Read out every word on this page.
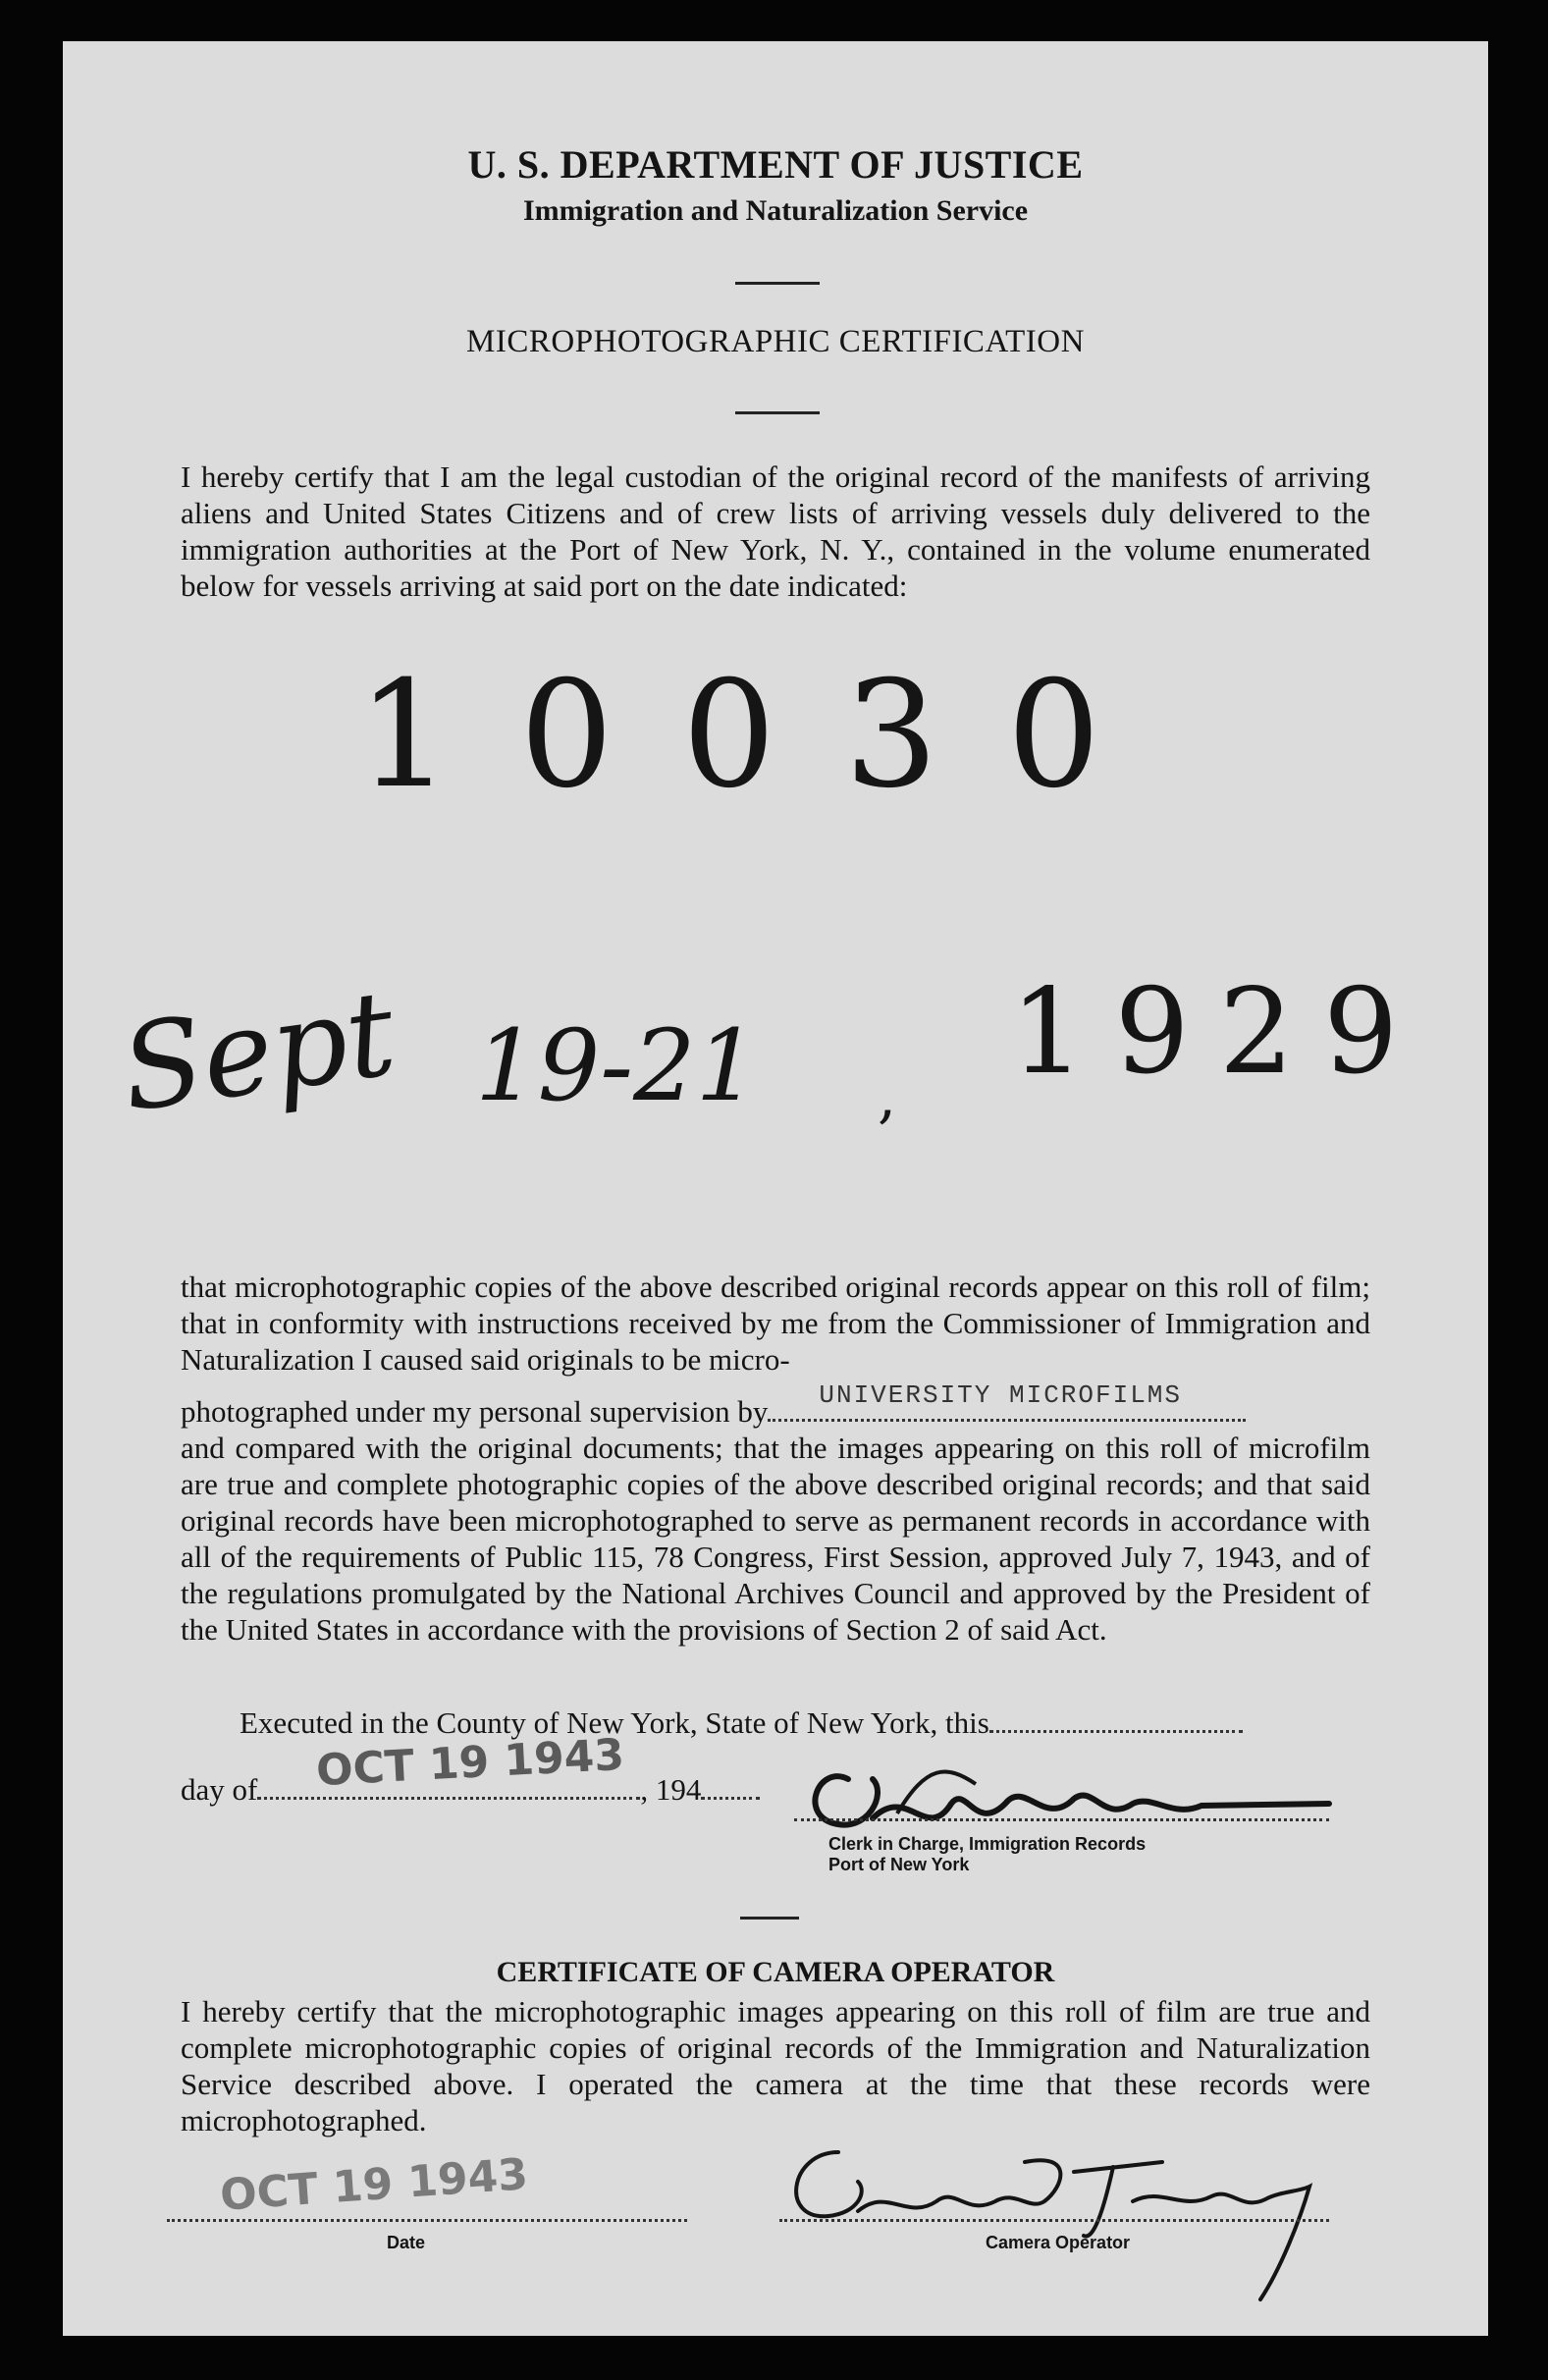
U. S. DEPARTMENT OF JUSTICE
Immigration and Naturalization Service
MICROPHOTOGRAPHIC CERTIFICATION

I hereby certify that I am the legal custodian of the original record of the manifests of arriving aliens and United States Citizens and of crew lists of arriving vessels duly delivered to the immigration authorities at the Port of New York, N. Y., contained in the volume enumerated below for vessels arriving at said port on the date indicated:

10030
Sept 19-21 , 1929

that microphotographic copies of the above described original records appear on this roll of film; that in conformity with instructions received by me from the Commissioner of Immigration and Naturalization I caused said originals to be micro-

photographed under my personal supervision by UNIVERSITY MICROFILMS

and compared with the original documents; that the images appearing on this roll of microfilm are true and complete photographic copies of the above described original records; and that said original records have been microphotographed to serve as permanent records in accordance with all of the requirements of Public 115, 78 Congress, First Session, approved July 7, 1943, and of the regulations promulgated by the National Archives Council and approved by the President of the United States in accordance with the provisions of Section 2 of said Act.

Executed in the County of New York, State of New York, this
day of	, 194
OCT 19 1943
Clerk in Charge, Immigration Records
Port of New York
CERTIFICATE OF CAMERA OPERATOR

I hereby certify that the microphotographic images appearing on this roll of film are true and complete microphotographic copies of original records of the Immigration and Naturalization Service described above. I operated the camera at the time that these records were microphotographed.

OCT 19 1943
Date	Camera Operator
